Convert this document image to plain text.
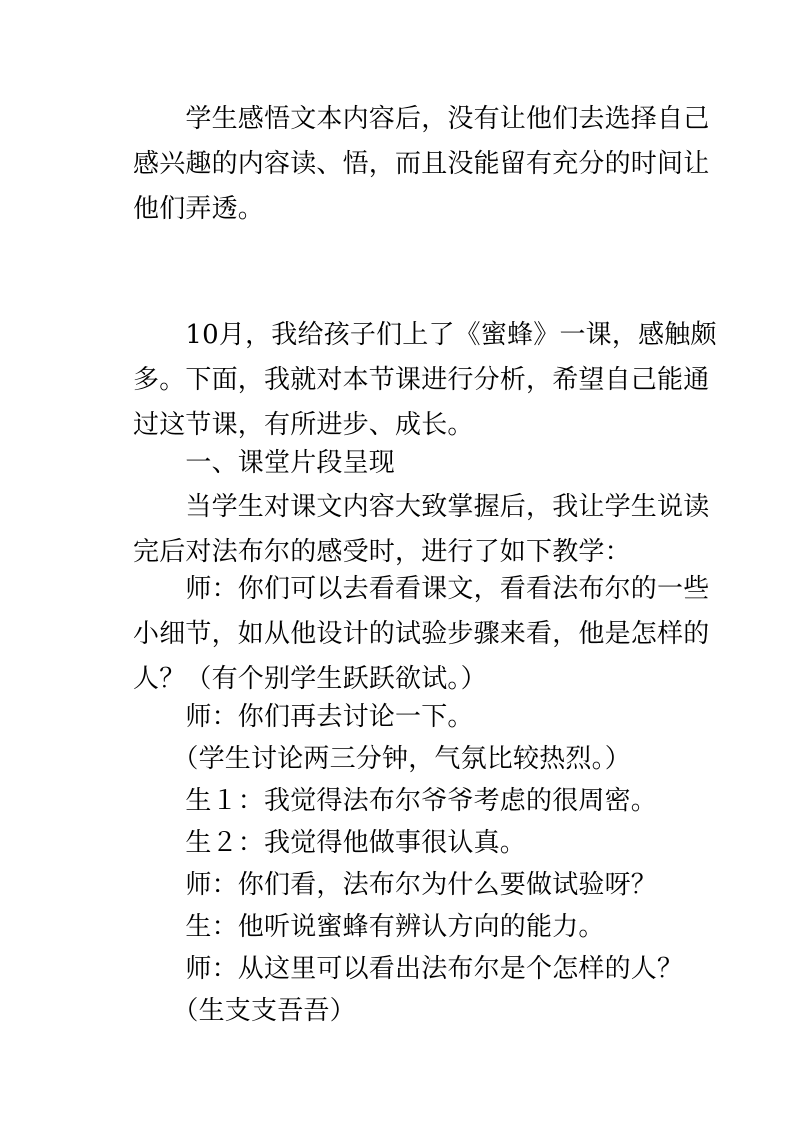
　　学生感悟文本内容后，没有让他们去选择自己
感兴趣的内容读、悟，而且没能留有充分的时间让
他们弄透。

　　10月，我给孩子们上了《蜜蜂》一课，感触颇
多。下面，我就对本节课进行分析，希望自己能通
过这节课，有所进步、成长。

　　一、课堂片段呈现

　　当学生对课文内容大致掌握后，我让学生说读
完后对法布尔的感受时，进行了如下教学：

　　师：你们可以去看看课文，看看法布尔的一些
小细节，如从他设计的试验步骤来看，他是怎样的
人？（有个别学生跃跃欲试。）

　　师：你们再去讨论一下。

　　（学生讨论两三分钟，气氛比较热烈。）

　　生１：我觉得法布尔爷爷考虑的很周密。

　　生２：我觉得他做事很认真。

　　师：你们看，法布尔为什么要做试验呀？

　　生：他听说蜜蜂有辨认方向的能力。

　　师：从这里可以看出法布尔是个怎样的人？

　　（生支支吾吾）
